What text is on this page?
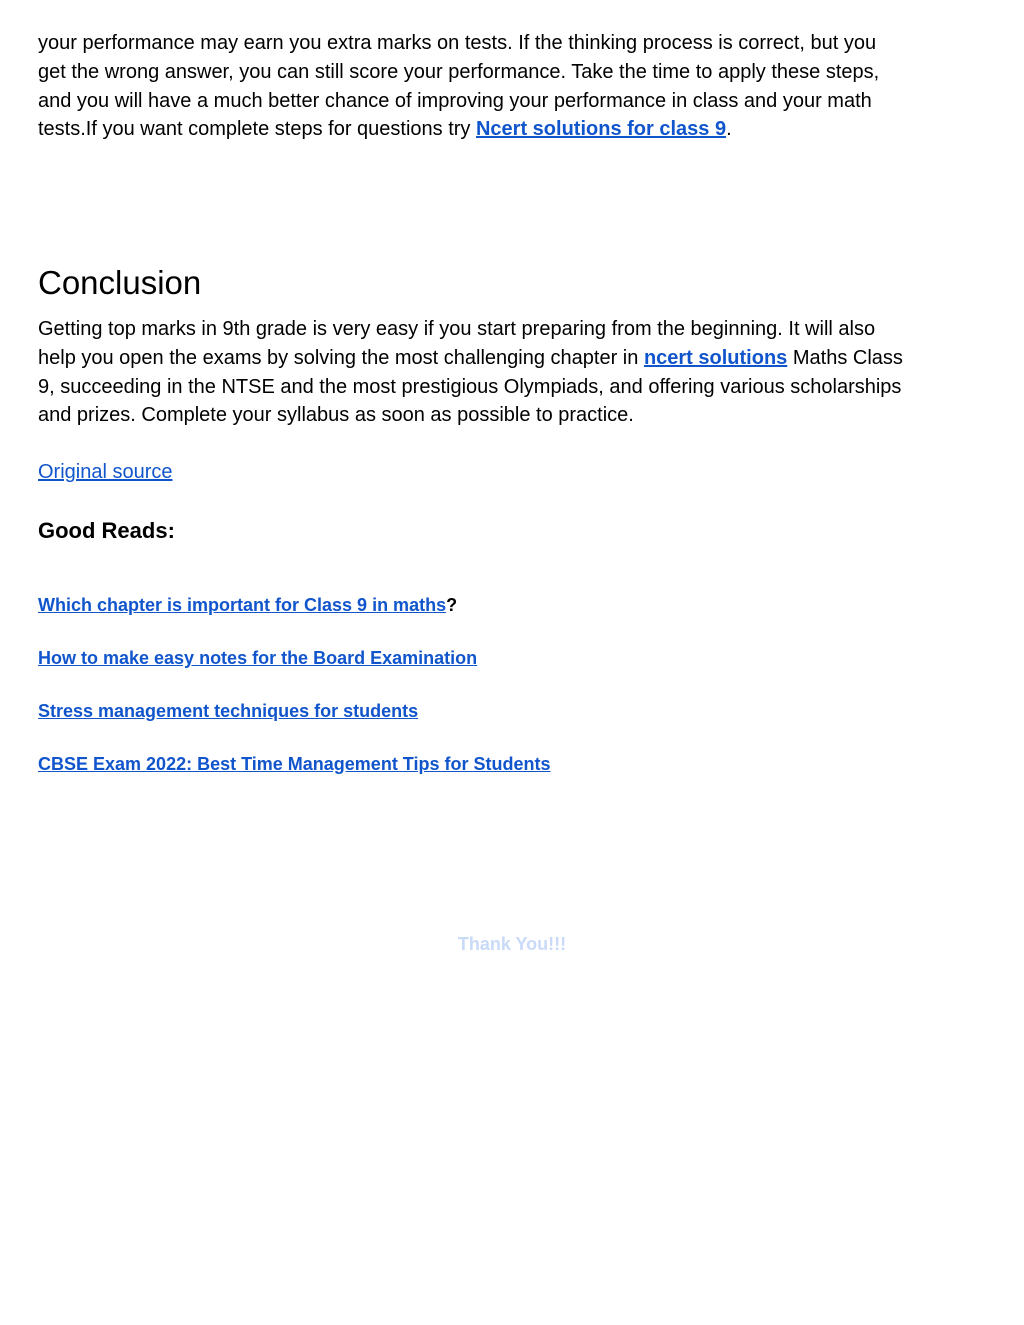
your performance may earn you extra marks on tests. If the thinking process is correct, but you get the wrong answer, you can still score your performance. Take the time to apply these steps, and you will have a much better chance of improving your performance in class and your math tests.If you want complete steps for questions try Ncert solutions for class 9.

Conclusion

Getting top marks in 9th grade is very easy if you start preparing from the beginning. It will also help you open the exams by solving the most challenging chapter in ncert solutions Maths Class 9, succeeding in the NTSE and the most prestigious Olympiads, and offering various scholarships and prizes. Complete your syllabus as soon as possible to practice.

Original source
Good Reads:
Which chapter is important for Class 9 in maths?
How to make easy notes for the Board Examination
Stress management techniques for students
CBSE Exam 2022: Best Time Management Tips for Students
Thank You!!!
